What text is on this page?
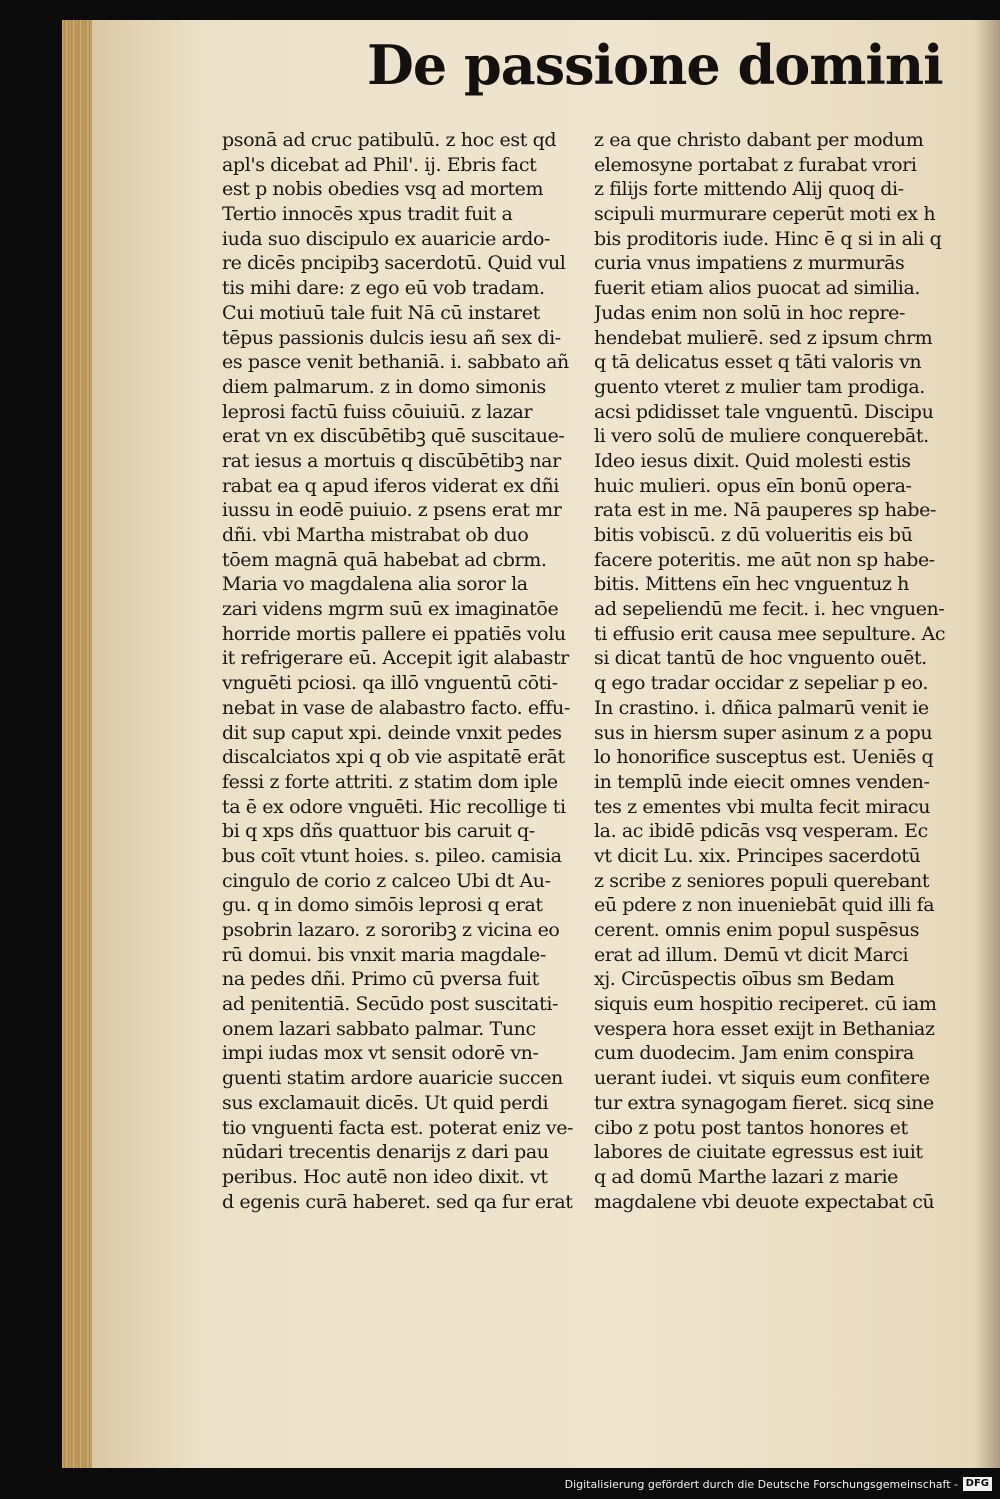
De passione domini
psonā ad cruc patibulū. z hoc est qd
apl's dicebat ad Phil'. ij. Ebris fact
est p nobis obedies vsq ad mortem
Tertio innocēs xpus tradit fuit a
iuda suo discipulo ex auaricie ardo-
re dicēs pncipibꝫ sacerdotū. Quid vul
tis mihi dare: z ego eū vob tradam.
Cui motiuū tale fuit Nā cū instaret
tēpus passionis dulcis iesu añ sex di-
es pasce venit bethaniā. i. sabbato añ
diem palmarum. z in domo simonis
leprosi factū fuiss cōuiuiū. z lazar
erat vn ex discūbētibꝫ quē suscitaue-
rat iesus a mortuis q discūbētibꝫ nar
rabat ea q apud iferos viderat ex dñi
iussu in eodē puiuio. z psens erat mr
dñi. vbi Martha mistrabat ob duo
tōem magnā quā habebat ad cbrm.
Maria vo magdalena alia soror la
zari videns mgrm suū ex imaginatōe
horride mortis pallere ei ppatiēs volu
it refrigerare eū. Accepit igit alabastr
vnguēti pciosi. qa illō vnguentū cōti-
nebat in vase de alabastro facto. effu-
dit sup caput xpi. deinde vnxit pedes
discalciatos xpi q ob vie aspitatē erāt
fessi z forte attriti. z statim dom iple
ta ē ex odore vnguēti. Hic recollige ti
bi q xps dñs quattuor bis caruit q-
bus coīt vtunt hoies. s. pileo. camisia
cingulo de corio z calceo Ubi dt Au-
gu. q in domo simōis leprosi q erat
psobrin lazaro. z sororibꝫ z vicina eo
rū domui. bis vnxit maria magdale-
na pedes dñi. Primo cū pversa fuit
ad penitentiā. Secūdo post suscitati-
onem lazari sabbato palmar. Tunc
impi iudas mox vt sensit odorē vn-
guenti statim ardore auaricie succen
sus exclamauit dicēs. Ut quid perdi
tio vnguenti facta est. poterat eniz ve-
nūdari trecentis denarijs z dari pau
peribus. Hoc autē non ideo dixit. vt
d egenis curā haberet. sed qa fur erat
z ea que christo dabant per modum
elemosyne portabat z furabat vrori
z filijs forte mittendo Alij quoq di-
scipuli murmurare ceperūt moti ex h
bis proditoris iude. Hinc ē q si in ali q
curia vnus impatiens z murmurās
fuerit etiam alios puocat ad similia.
Judas enim non solū in hoc repre-
hendebat mulierē. sed z ipsum chrm
q tā delicatus esset q tāti valoris vn
guento vteret z mulier tam prodiga.
acsi pdidisset tale vnguentū. Discipu
li vero solū de muliere conquerebāt.
Ideo iesus dixit. Quid molesti estis
huic mulieri. opus eīn bonū opera-
rata est in me. Nā pauperes sp habe-
bitis vobiscū. z dū volueritis eis bū
facere poteritis. me aūt non sp habe-
bitis. Mittens eīn hec vnguentuz h
ad sepeliendū me fecit. i. hec vnguen-
ti effusio erit causa mee sepulture. Ac
si dicat tantū de hoc vnguento ouēt.
q ego tradar occidar z sepeliar p eo.
In crastino. i. dñica palmarū venit ie
sus in hiersm super asinum z a popu
lo honorifice susceptus est. Ueniēs q
in templū inde eiecit omnes venden-
tes z ementes vbi multa fecit miracu
la. ac ibidē pdicās vsq vesperam. Ec
vt dicit Lu. xix. Principes sacerdotū
z scribe z seniores populi querebant
eū pdere z non inueniebāt quid illi fa
cerent. omnis enim popul suspēsus
erat ad illum. Demū vt dicit Marci
xj. Circūspectis oībus sm Bedam
siquis eum hospitio reciperet. cū iam
vespera hora esset exijt in Bethaniaz
cum duodecim. Jam enim conspira
uerant iudei. vt siquis eum confitere
tur extra synagogam fieret. sicq sine
cibo z potu post tantos honores et
labores de ciuitate egressus est iuit
q ad domū Marthe lazari z marie
magdalene vbi deuote expectabat cū
Digitalisierung gefördert durch die Deutsche Forschungsgemeinschaft - DFG
